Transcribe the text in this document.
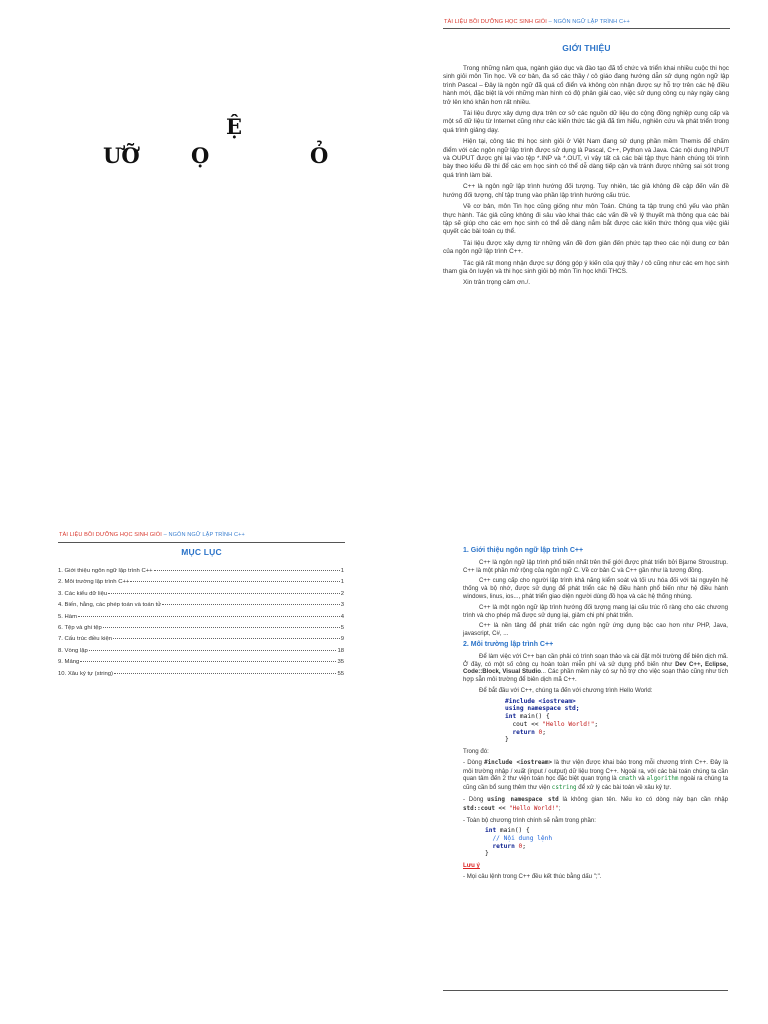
Ệ
ƯỠ Ọ	Ỏ
TÀI LIỆU BỒI DƯỠNG HỌC SINH GIỎI – NGÔN NGỮ LẬP TRÌNH C++
GIỚI THIỆU

Trong những năm qua, ngành giáo dục và đào tạo đã tổ chức và triển khai nhiều cuộc thi học sinh giỏi môn Tin học. Về cơ bản, đa số các thầy / cô giáo đang hướng dẫn sử dụng ngôn ngữ lập trình Pascal – Đây là ngôn ngữ đã quá cổ điển và không còn nhận được sự hỗ trợ trên các hệ điều hành mới, đặc biệt là với những màn hình có độ phân giải cao, việc sử dụng công cụ này ngày càng trở lên khó khăn hơn rất nhiều.

Tài liệu được xây dựng dựa trên cơ sở các nguồn dữ liệu do cộng đồng nghiệp cung cấp và một số dữ liệu từ Internet cũng như các kiến thức tác giả đã tìm hiểu, nghiên cứu và phát triển trong quá trình giảng dạy.

Hiện tại, công tác thi học sinh giỏi ở Việt Nam đang sử dụng phần mềm Themis để chấm điểm với các ngôn ngữ lập trình được sử dụng là Pascal, C++, Python và Java. Các nội dung INPUT và OUPUT được ghi lại vào tệp *.INP và *.OUT, vì vậy tất cả các bài tập thực hành chúng tôi trình bày theo kiểu đề thi để các em học sinh có thể dễ dàng tiếp cận và tránh được những sai sót trong quá trình làm bài.

C++ là ngôn ngữ lập trình hướng đối tượng. Tuy nhiên, tác giả không đề cập đến vấn đề hướng đối tượng, chỉ tập trung vào phần lập trình hướng cấu trúc.

Về cơ bản, môn Tin học cũng giống như môn Toán. Chúng ta tập trung chủ yếu vào phần thực hành. Tác giả cũng không đi sâu vào khai thác các vấn đề về lý thuyết mà thông qua các bài tập sẽ giúp cho các em học sinh có thể dễ dàng nắm bắt được các kiến thức thông qua việc giải quyết các bài toán cụ thể.

Tài liệu được xây dựng từ những vấn đề đơn giản đến phức tạp theo các nội dung cơ bản của ngôn ngữ lập trình C++.

Tác giả rất mong nhận được sự đóng góp ý kiến của quý thầy / cô cũng như các em học sinh tham gia ôn luyện và thi học sinh giỏi bộ môn Tin học khối THCS.

Xin trân trọng cảm ơn./.

TÀI LIỆU BỒI DƯỠNG HỌC SINH GIỎI – NGÔN NGỮ LẬP TRÌNH C++
MỤC LỤC
1. Giới thiệu ngôn ngữ lập trình C++	1
2. Môi trường lập trình C++	1
3. Các kiểu dữ liệu	2
4. Biến, hằng, các phép toán và toán tử	3
5. Hàm	4
6. Tệp và ghi tệp	5
7. Cấu trúc điều kiện	9
8. Vòng lặp	18
9. Mảng	35
10. Xâu ký tự (string)	55

1. Giới thiệu ngôn ngữ lập trình C++

C++ là ngôn ngữ lập trình phổ biến nhất trên thế giới được phát triển bởi Bjarne Stroustrup. C++ là một phần mở rộng của ngôn ngữ C. Về cơ bản C và C++ gần như là tương đồng.

C++ cung cấp cho người lập trình khả năng kiểm soát và tối ưu hóa đối với tài nguyên hệ thống và bộ nhớ, được sử dụng để phát triển các hệ điều hành phổ biến như hệ điều hành windows, linus, ios..., phát triển giao diện người dùng đồ họa và các hệ thống nhúng.

C++ là một ngôn ngữ lập trình hướng đối tượng mang lại cấu trúc rõ ràng cho các chương trình và cho phép mã được sử dụng lại, giảm chi phí phát triển.

C++ là nền tảng để phát triển các ngôn ngữ ứng dụng bậc cao hơn như PHP, Java, javascript, C#, ...

2. Môi trường lập trình C++

Để làm việc với C++ bạn cần phải có trình soạn thảo và cài đặt môi trường để biên dịch mã. Ở đây, có một số công cụ hoàn toàn miễn phí và sử dụng phổ biến như Dev C++, Eclipse, Code::Block, Visual Studio... Các phần mềm này có sự hỗ trợ cho việc soạn thảo cũng như tích hợp sẵn môi trường để biên dịch mã C++.

Để bắt đầu với C++, chúng ta đến với chương trình Hello World:

#include <iostream>
using namespace std;
int main() {
cout << "Hello World!";
return 0;
}

Trong đó:

- Dòng #include <iostream> là thư viện được khai báo trong mỗi chương trình C++. Đây là môi trường nhập / xuất (input / output) dữ liệu trong C++. Ngoài ra, với các bài toán chúng ta cần quan tâm đến 2 thư viện toán học đặc biệt quan trọng là cmath và algorithm ngoài ra chúng ta cũng cần bổ sung thêm thư viện cstring để xử lý các bài toán về xâu ký tự.

- Dòng using namespace std là không gian tên. Nếu ko có dòng này bạn cần nhập std::cout << "Hello World!";

- Toàn bộ chương trình chính sẽ nằm trong phần:

int main() {
// Nội dung lệnh
return 0;
}

Lưu ý

- Mọi câu lệnh trong C++ đều kết thúc bằng dấu ";".
